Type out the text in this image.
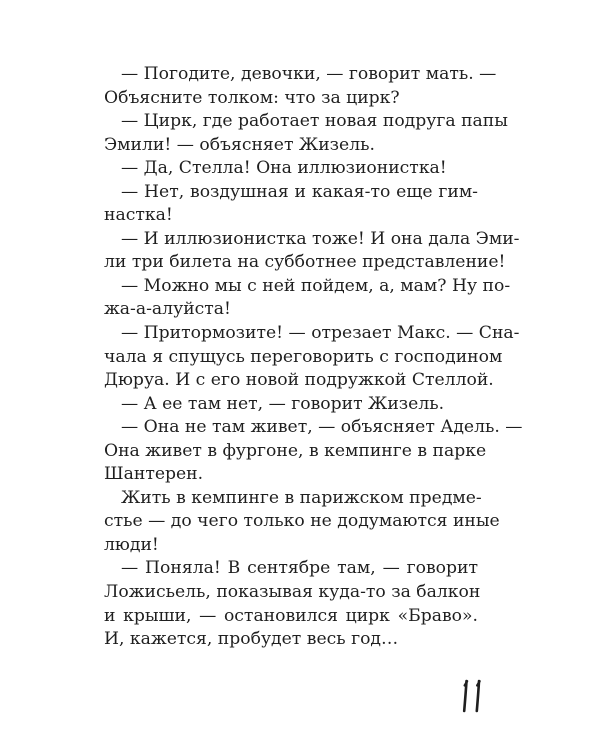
— Погодите, девочки, — говорит мать. —
Объясните толком: что за цирк?
— Цирк, где работает новая подруга папы
Эмили! — объясняет Жизель.
— Да, Стелла! Она иллюзионистка!
— Нет, воздушная и какая-то еще гим-
настка!
— И иллюзионистка тоже! И она дала Эми-
ли три билета на субботнее представление!
— Можно мы с ней пойдем, а, мам? Ну по-
жа-а-алуйста!
— Притормозите! — отрезает Макс. — Сна-
чала я спущусь переговорить с господином
Дюруа. И с его новой подружкой Стеллой.
— А ее там нет, — говорит Жизель.
— Она не там живет, — объясняет Адель. —
Она живет в фургоне, в кемпинге в парке
Шантерен.
Жить в кемпинге в парижском предме-
стье — до чего только не додумаются иные
люди!
— Поняла! В сентябре там, — говорит
Ложисьель, показывая куда-то за балкон
и крыши, — остановился цирк «Браво».
И, кажется, пробудет весь год…
